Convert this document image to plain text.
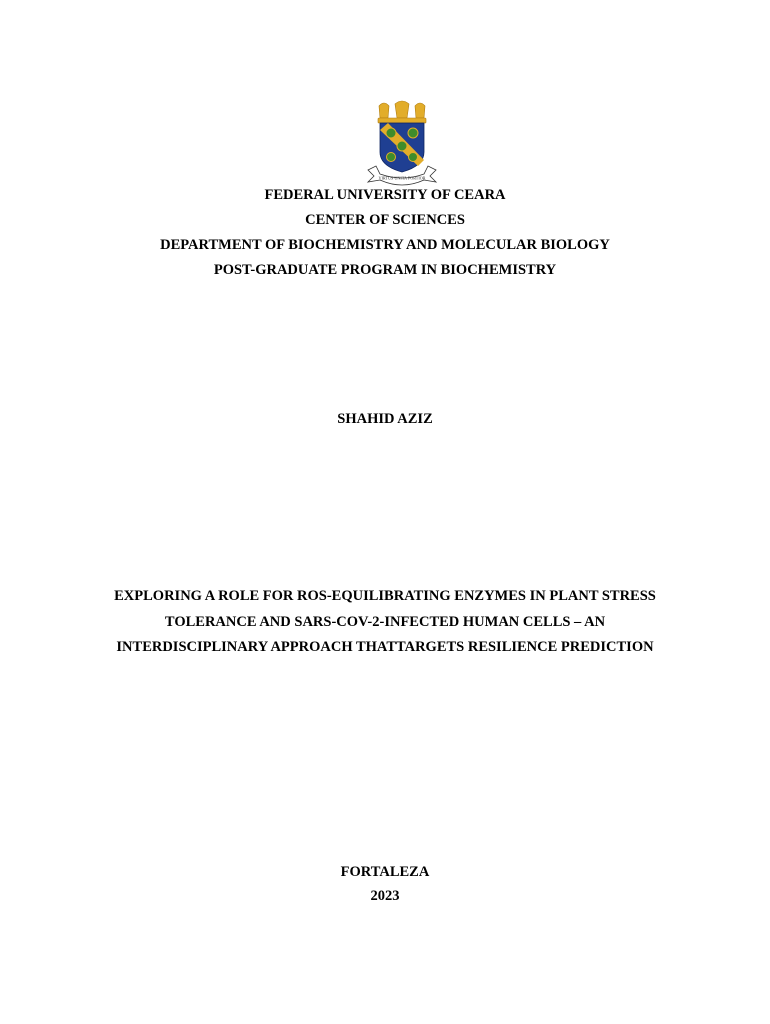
VIRTUS UNITA FORTIOR
FEDERAL UNIVERSITY OF CEARA
CENTER OF SCIENCES
DEPARTMENT OF BIOCHEMISTRY AND MOLECULAR BIOLOGY
POST-GRADUATE PROGRAM IN BIOCHEMISTRY
SHAHID AZIZ
EXPLORING A ROLE FOR ROS-EQUILIBRATING ENZYMES IN PLANT STRESS
TOLERANCE AND SARS-COV-2-INFECTED HUMAN CELLS – AN
INTERDISCIPLINARY APPROACH THATTARGETS RESILIENCE PREDICTION
FORTALEZA
2023
